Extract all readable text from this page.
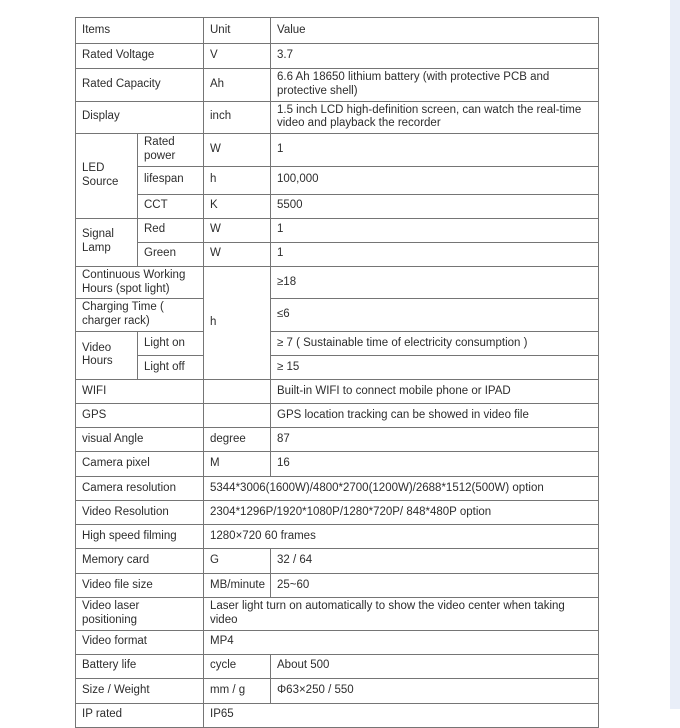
Items		Unit	Value
Rated Voltage		V	3.7
Rated Capacity		Ah	6.6 Ah 18650 lithium battery (with protective PCB and protective shell)
Display		inch	1.5 inch LCD high-definition screen, can watch the real-time video and playback the recorder
LED Source	Rated power	W	1
	lifespan	h	100,000
	CCT	K	5500
Signal Lamp	Red	W	1
	Green	W	1
Continuous Working Hours (spot light)		h	≥18
Charging Time ( charger rack)			≤6
Video Hours	Light on		≥ 7 ( Sustainable time of electricity consumption )
	Light off		≥ 15
WIFI			Built-in WIFI to connect mobile phone or IPAD
GPS			GPS location tracking can be showed in video file
visual Angle		degree	87
Camera pixel		M	16
Camera resolution		5344*3006(1600W)/4800*2700(1200W)/2688*1512(500W) option	
Video Resolution		2304*1296P/1920*1080P/1280*720P/ 848*480P option	
High speed filming		1280×720 60 frames	
Memory card		G	32 / 64
Video file size		MB/minute	25~60
Video laser positioning		Laser light turn on automatically to show the video center when taking video	
Video format		MP4	
Battery life		cycle	About 500
Size / Weight		mm / g	Φ63×250 / 550
IP rated		IP65	
